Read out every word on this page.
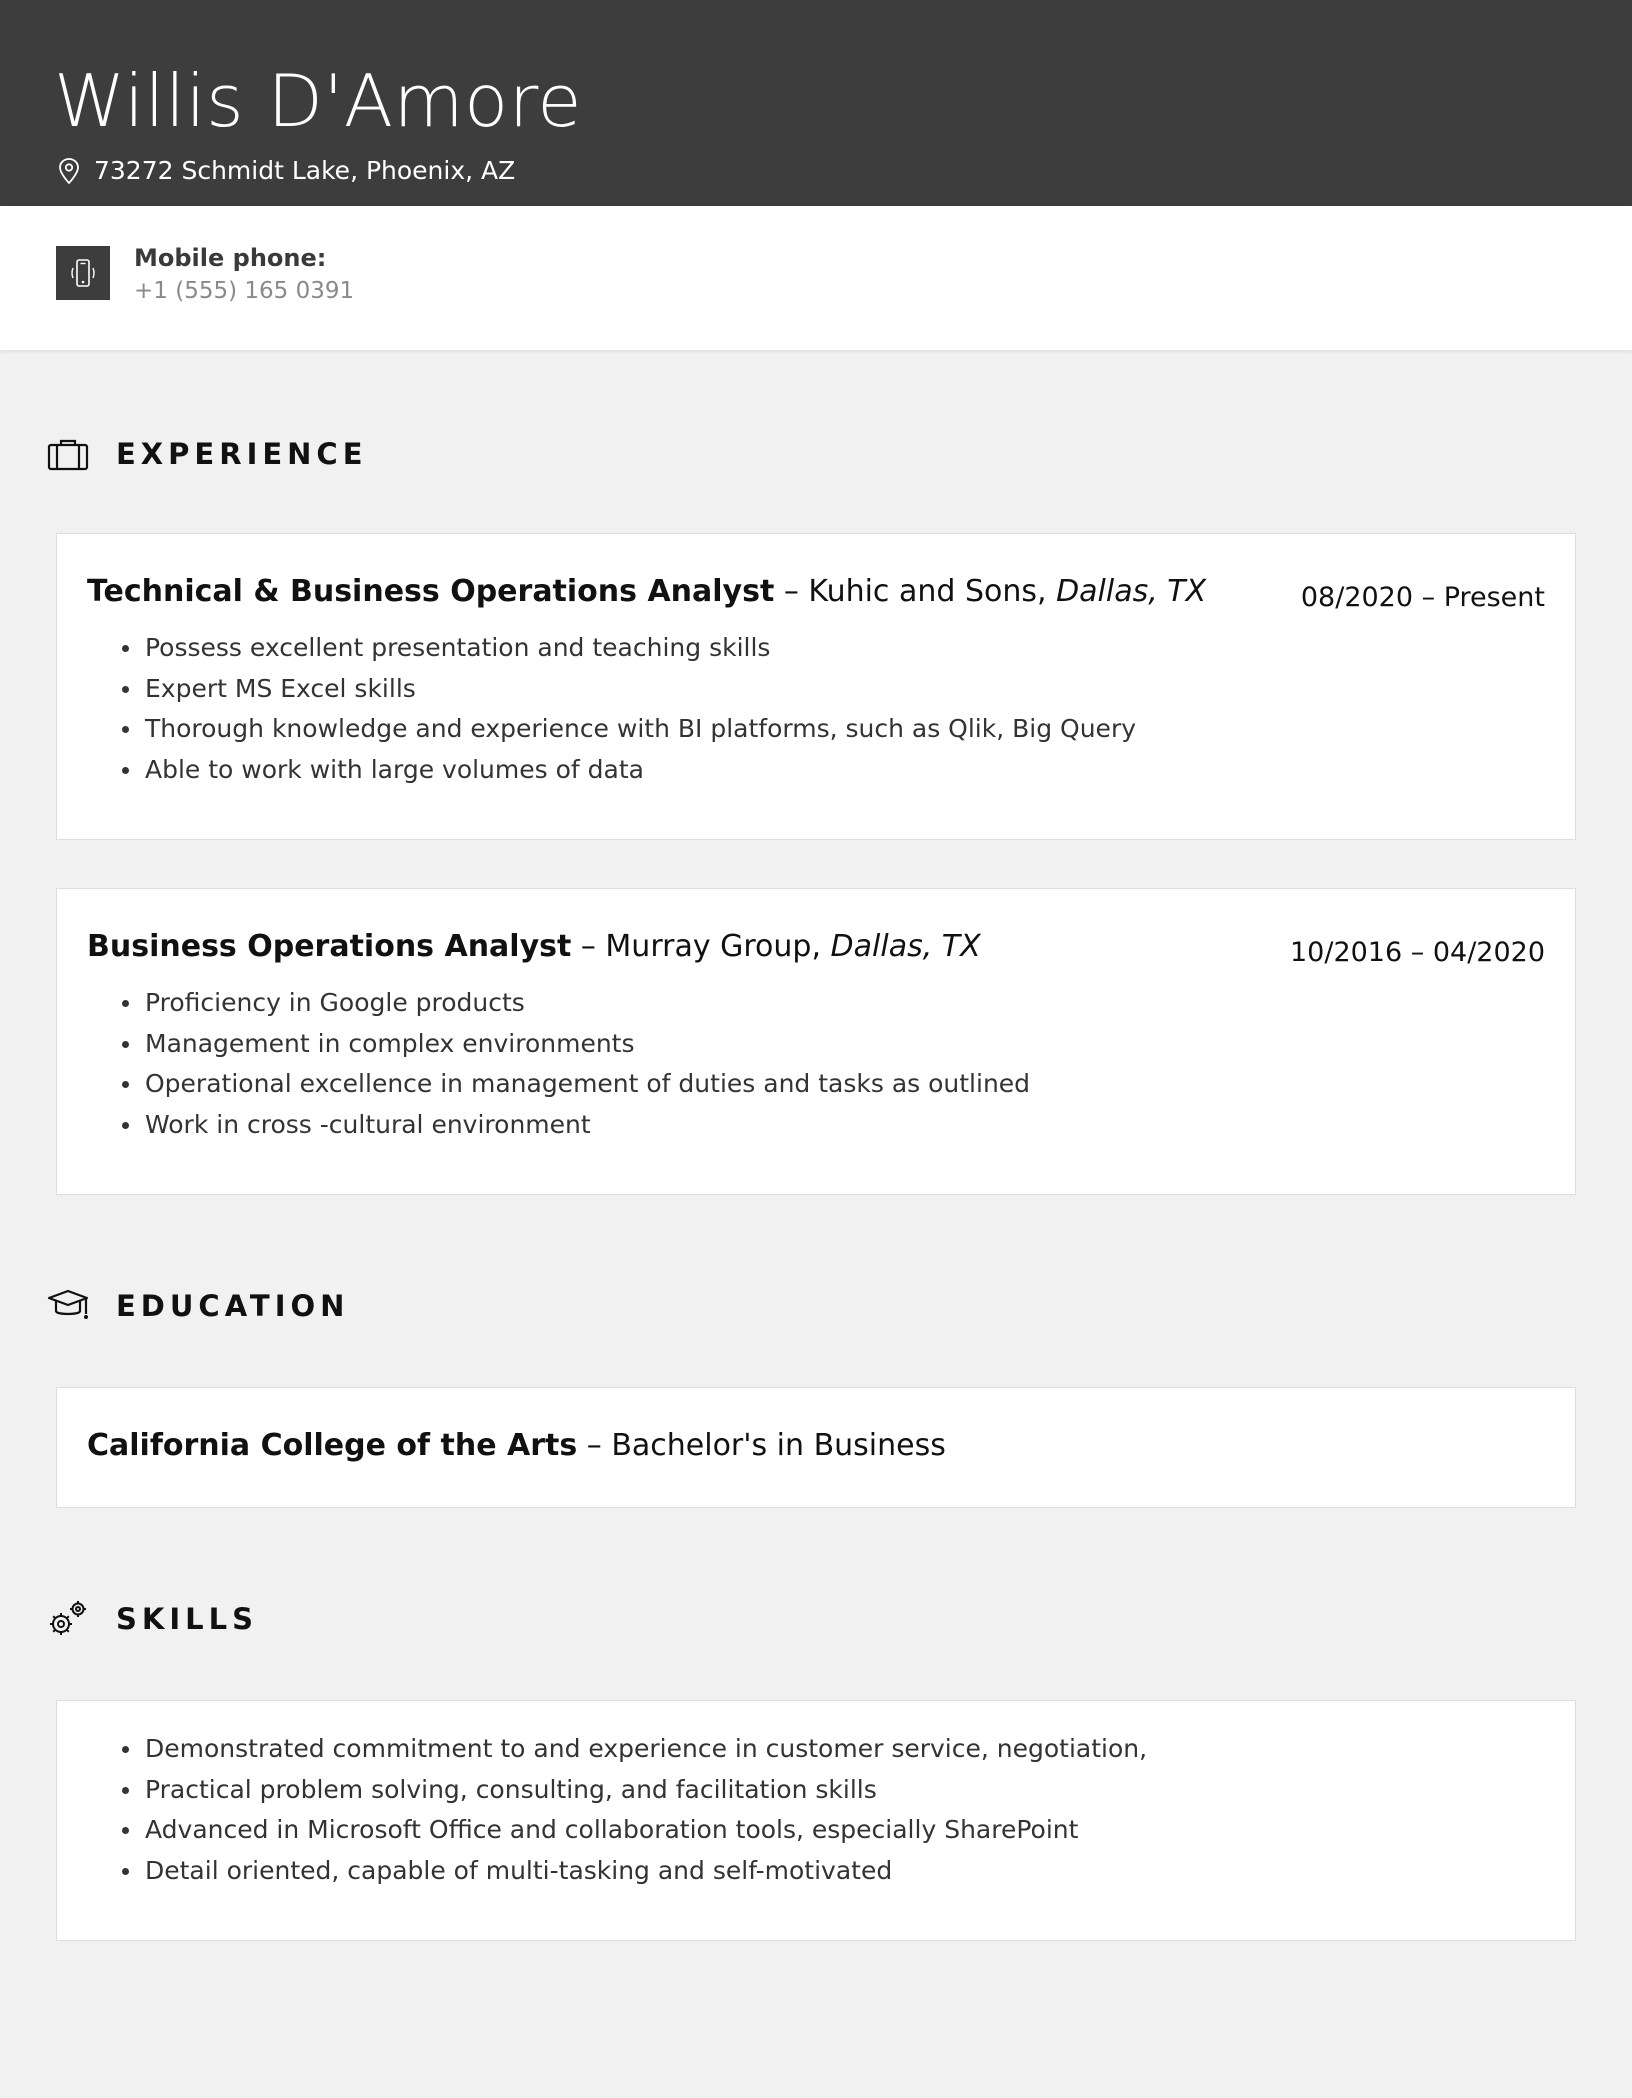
Willis D'Amore
73272 Schmidt Lake, Phoenix, AZ
Mobile phone:
+1 (555) 165 0391
EXPERIENCE
Technical & Business Operations Analyst – Kuhic and Sons, Dallas, TX	08/2020 – Present
Possess excellent presentation and teaching skills
Expert MS Excel skills
Thorough knowledge and experience with BI platforms, such as Qlik, Big Query
Able to work with large volumes of data
Business Operations Analyst – Murray Group, Dallas, TX	10/2016 – 04/2020
Proficiency in Google products
Management in complex environments
Operational excellence in management of duties and tasks as outlined
Work in cross -cultural environment
EDUCATION
California College of the Arts – Bachelor's in Business
SKILLS
Demonstrated commitment to and experience in customer service, negotiation,
Practical problem solving, consulting, and facilitation skills
Advanced in Microsoft Office and collaboration tools, especially SharePoint
Detail oriented, capable of multi-tasking and self-motivated
